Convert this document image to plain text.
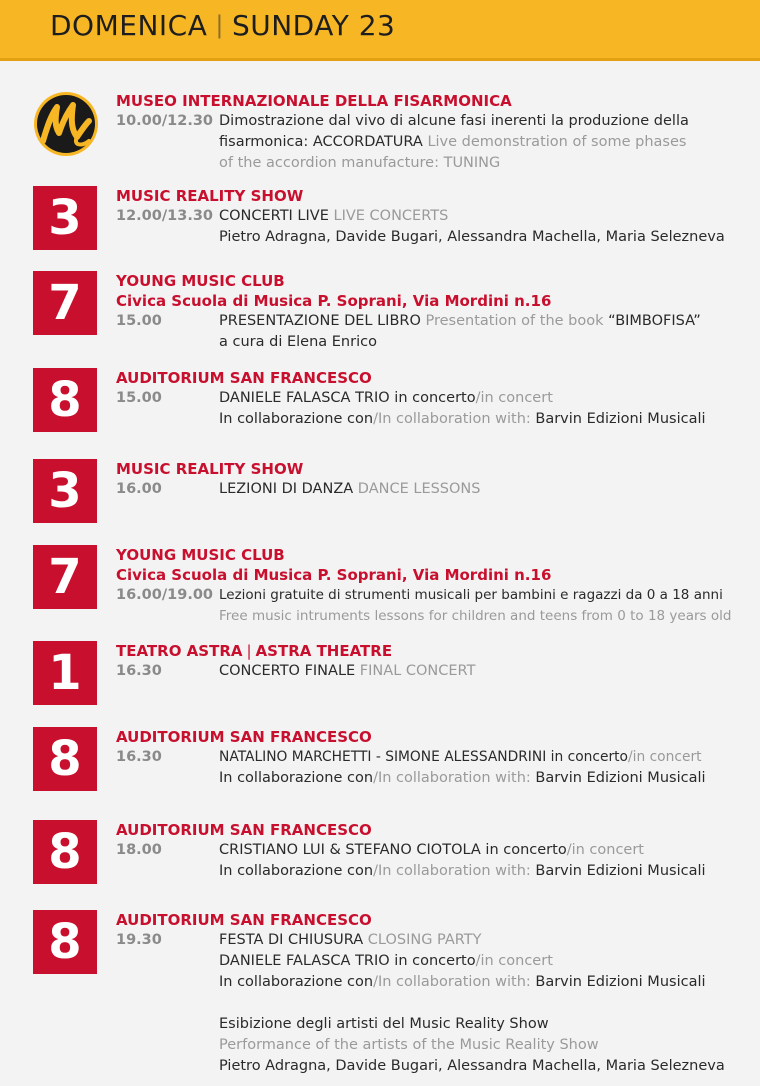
DOMENICA | SUNDAY 23
MUSEO INTERNAZIONALE DELLA FISARMONICA
10.00/12.30 Dimostrazione dal vivo di alcune fasi inerenti la produzione della
fisarmonica: ACCORDATURA Live demonstration of some phases
of the accordion manufacture: TUNING
3	MUSIC REALITY SHOW
12.00/13.30 CONCERTI LIVE LIVE CONCERTS
Pietro Adragna, Davide Bugari, Alessandra Machella, Maria Selezneva
7	YOUNG MUSIC CLUB
Civica Scuola di Musica P. Soprani, Via Mordini n.16
15.00	PRESENTAZIONE DEL LIBRO Presentation of the book “BIMBOFISA”
a cura di Elena Enrico
8	AUDITORIUM SAN FRANCESCO
15.00	DANIELE FALASCA TRIO in concerto/in concert
In collaborazione con/In collaboration with: Barvin Edizioni Musicali
3	MUSIC REALITY SHOW
16.00	LEZIONI DI DANZA DANCE LESSONS
7	YOUNG MUSIC CLUB
Civica Scuola di Musica P. Soprani, Via Mordini n.16
16.00/19.00 Lezioni gratuite di strumenti musicali per bambini e ragazzi da 0 a 18 anni
Free music intruments lessons for children and teens from 0 to 18 years old
1	TEATRO ASTRA | ASTRA THEATRE
16.30	CONCERTO FINALE FINAL CONCERT
8	AUDITORIUM SAN FRANCESCO
16.30	NATALINO MARCHETTI - SIMONE ALESSANDRINI in concerto/in concert
In collaborazione con/In collaboration with: Barvin Edizioni Musicali
8	AUDITORIUM SAN FRANCESCO
18.00	CRISTIANO LUI & STEFANO CIOTOLA in concerto/in concert
In collaborazione con/In collaboration with: Barvin Edizioni Musicali
8	AUDITORIUM SAN FRANCESCO
19.30	FESTA DI CHIUSURA CLOSING PARTY
DANIELE FALASCA TRIO in concerto/in concert
In collaborazione con/In collaboration with: Barvin Edizioni Musicali
Esibizione degli artisti del Music Reality Show
Performance of the artists of the Music Reality Show
Pietro Adragna, Davide Bugari, Alessandra Machella, Maria Selezneva
